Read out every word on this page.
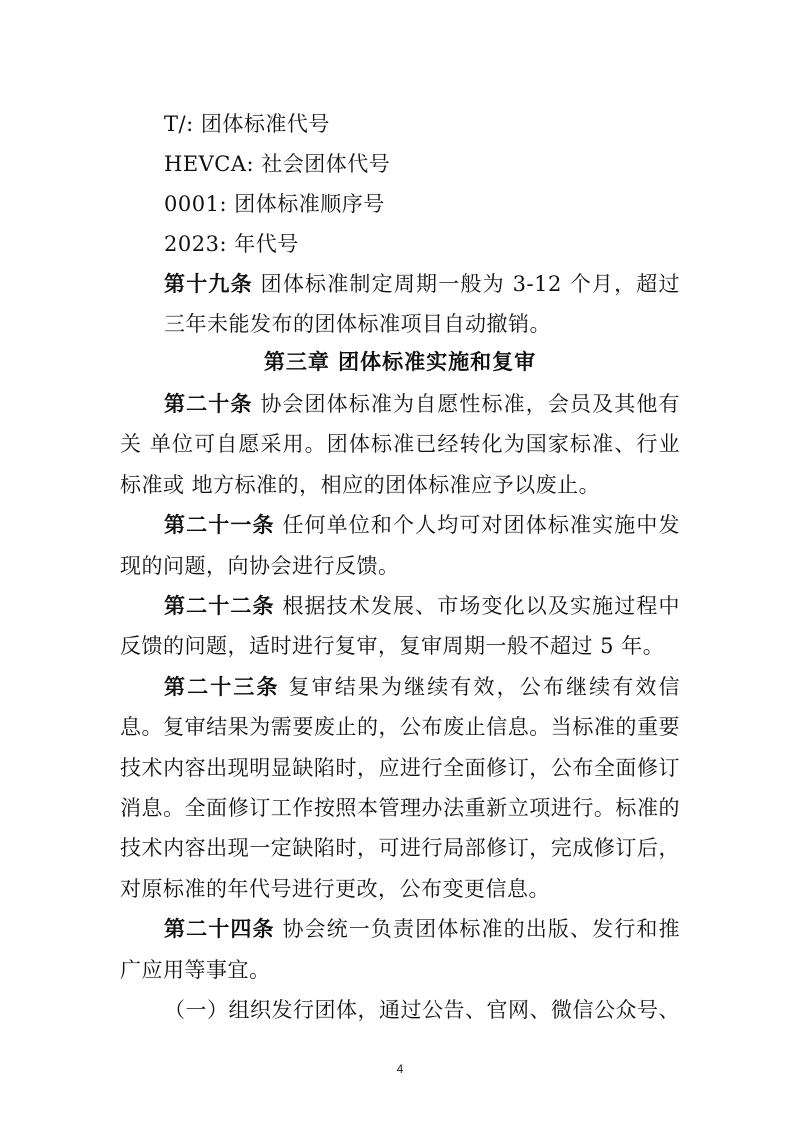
T/: 团体标准代号
HEVCA: 社会团体代号
0001: 团体标准顺序号
2023: 年代号

第十九条 团体标准制定周期一般为 3-12 个月，超过三年未能发布的团体标准项目自动撤销。

第三章 团体标准实施和复审

第二十条 协会团体标准为自愿性标准，会员及其他有关 单位可自愿采用。团体标准已经转化为国家标准、行业标准或 地方标准的，相应的团体标准应予以废止。

第二十一条 任何单位和个人均可对团体标准实施中发现的问题，向协会进行反馈。

第二十二条 根据技术发展、市场变化以及实施过程中反馈的问题，适时进行复审，复审周期一般不超过 5 年。

第二十三条 复审结果为继续有效，公布继续有效信息。复审结果为需要废止的，公布废止信息。当标准的重要技术内容出现明显缺陷时，应进行全面修订，公布全面修订消息。全面修订工作按照本管理办法重新立项进行。标准的技术内容出现一定缺陷时，可进行局部修订，完成修订后，对原标准的年代号进行更改，公布变更信息。

第二十四条 协会统一负责团体标准的出版、发行和推广应用等事宜。

（一）组织发行团体，通过公告、官网、微信公众号、

4
